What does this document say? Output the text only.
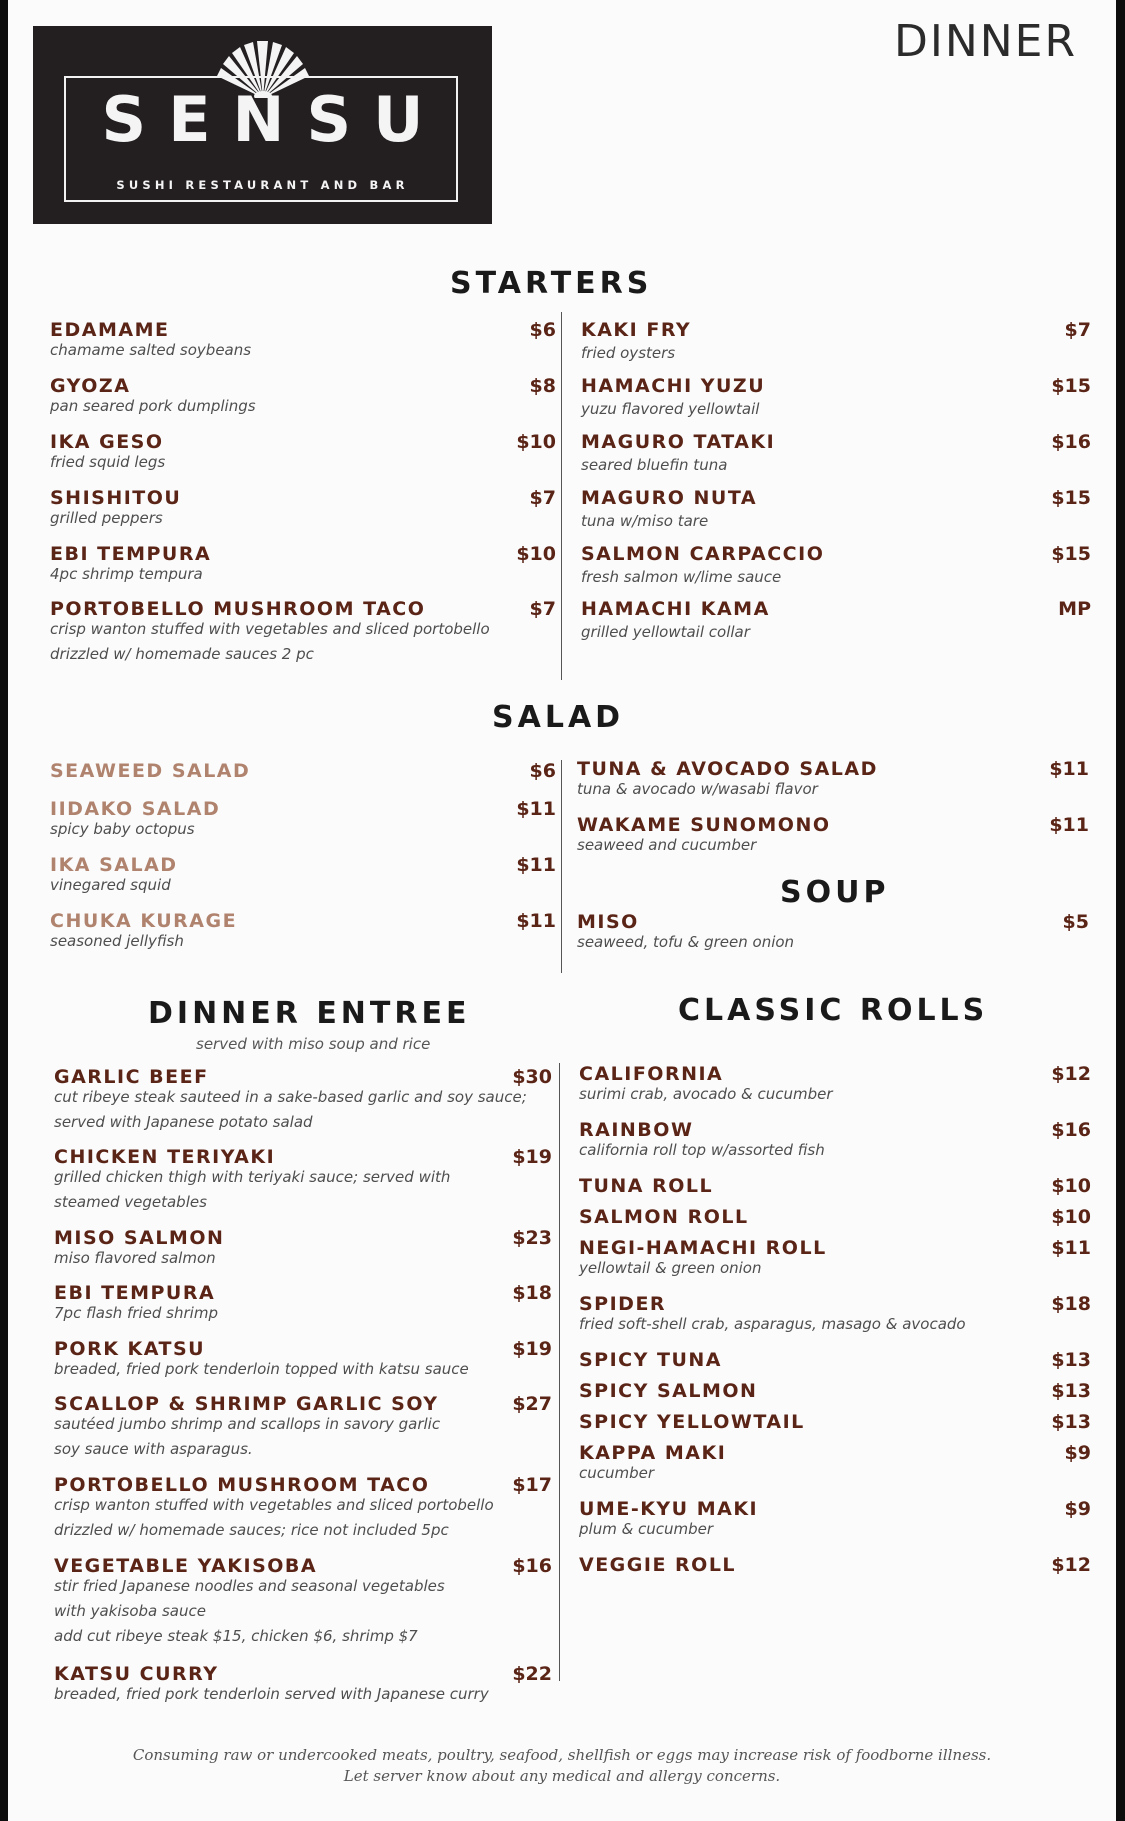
SENSU
SUSHI RESTAURANT AND BAR
DINNER
STARTERS
SALAD
SOUP
DINNER ENTREE
served with miso soup and rice
CLASSIC ROLLS
EDAMAME	$6
chamame salted soybeans
GYOZA	$8
pan seared pork dumplings
IKA GESO	$10
fried squid legs
SHISHITOU	$7
grilled peppers
EBI TEMPURA	$10
4pc shrimp tempura
PORTOBELLO MUSHROOM TACO	$7
crisp wanton stuffed with vegetables and sliced portobello
drizzled w/ homemade sauces 2 pc
KAKI FRY	$7
fried oysters
HAMACHI YUZU	$15
yuzu flavored yellowtail
MAGURO TATAKI	$16
seared bluefin tuna
MAGURO NUTA	$15
tuna w/miso tare
SALMON CARPACCIO	$15
fresh salmon w/lime sauce
HAMACHI KAMA	MP
grilled yellowtail collar
SEAWEED SALAD	$6
IIDAKO SALAD	$11
spicy baby octopus
IKA SALAD	$11
vinegared squid
CHUKA KURAGE	$11
seasoned jellyfish
TUNA & AVOCADO SALAD	$11
tuna & avocado w/wasabi flavor
WAKAME SUNOMONO	$11
seaweed and cucumber
MISO	$5
seaweed, tofu & green onion
GARLIC BEEF	$30
cut ribeye steak sauteed in a sake-based garlic and soy sauce;
served with Japanese potato salad
CHICKEN TERIYAKI	$19
grilled chicken thigh with teriyaki sauce; served with
steamed vegetables
MISO SALMON	$23
miso flavored salmon
EBI TEMPURA	$18
7pc flash fried shrimp
PORK KATSU	$19
breaded, fried pork tenderloin topped with katsu sauce
SCALLOP & SHRIMP GARLIC SOY	$27
sautéed jumbo shrimp and scallops in savory garlic
soy sauce with asparagus.
PORTOBELLO MUSHROOM TACO	$17
crisp wanton stuffed with vegetables and sliced portobello
drizzled w/ homemade sauces; rice not included 5pc
VEGETABLE YAKISOBA	$16
stir fried Japanese noodles and seasonal vegetables
with yakisoba sauce
add cut ribeye steak $15, chicken $6, shrimp $7
KATSU CURRY	$22
breaded, fried pork tenderloin served with Japanese curry
CALIFORNIA	$12
surimi crab, avocado & cucumber
RAINBOW	$16
california roll top w/assorted fish
TUNA ROLL	$10
SALMON ROLL	$10
NEGI-HAMACHI ROLL	$11
yellowtail & green onion
SPIDER	$18
fried soft-shell crab, asparagus, masago & avocado
SPICY TUNA	$13
SPICY SALMON	$13
SPICY YELLOWTAIL	$13
KAPPA MAKI	$9
cucumber
UME-KYU MAKI	$9
plum & cucumber
VEGGIE ROLL	$12
Consuming raw or undercooked meats, poultry, seafood, shellfish or eggs may increase risk of foodborne illness.
Let server know about any medical and allergy concerns.
